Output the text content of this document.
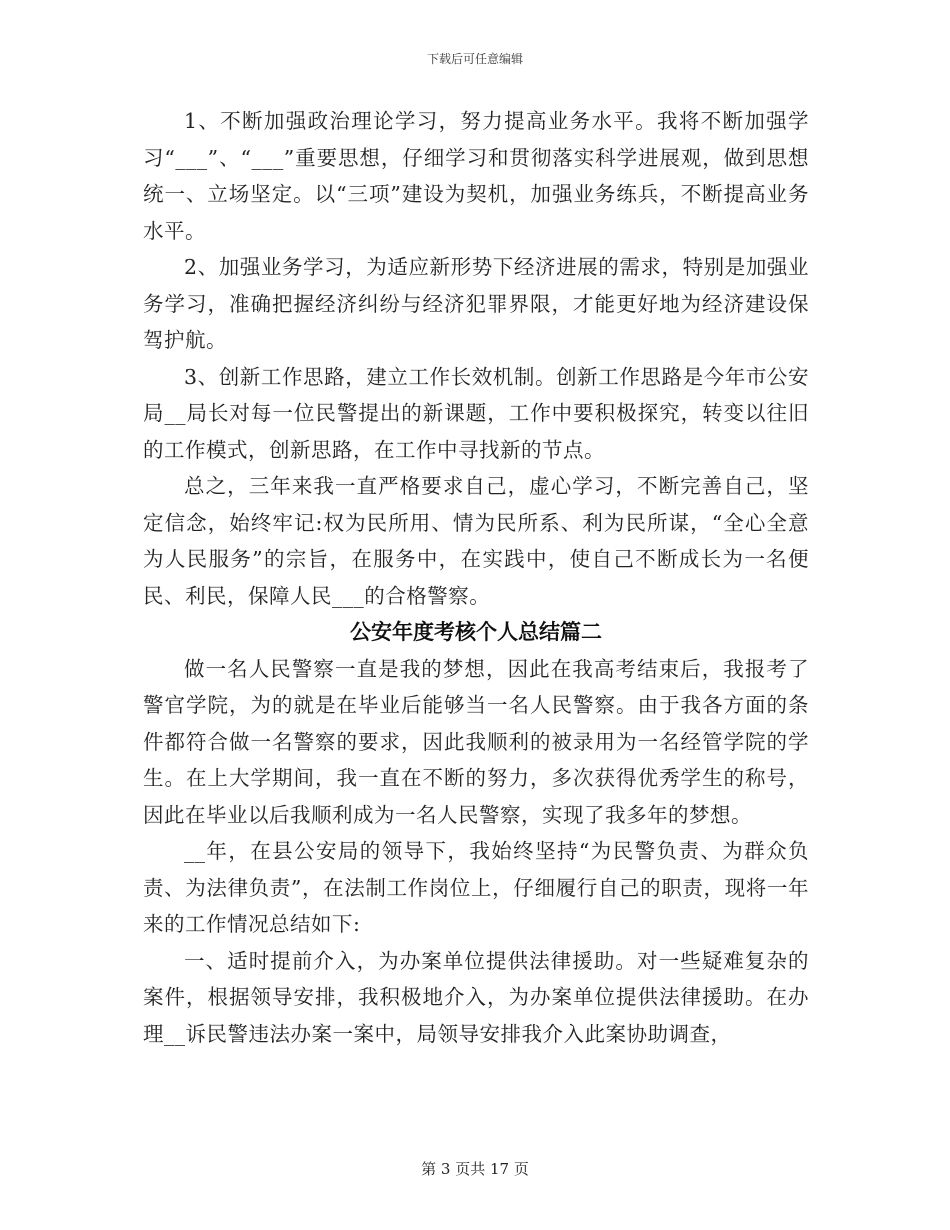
下载后可任意编辑

1、不断加强政治理论学习，努力提高业务水平。我将不断加强学习“___”、“___”重要思想，仔细学习和贯彻落实科学进展观，做到思想统一、立场坚定。以“三项”建设为契机，加强业务练兵，不断提高业务水平。

2、加强业务学习，为适应新形势下经济进展的需求，特别是加强业务学习，准确把握经济纠纷与经济犯罪界限，才能更好地为经济建设保驾护航。

3、创新工作思路，建立工作长效机制。创新工作思路是今年市公安局__局长对每一位民警提出的新课题，工作中要积极探究，转变以往旧的工作模式，创新思路，在工作中寻找新的节点。

总之，三年来我一直严格要求自己，虚心学习，不断完善自己，坚定信念，始终牢记:权为民所用、情为民所系、利为民所谋，“全心全意为人民服务”的宗旨，在服务中，在实践中，使自己不断成长为一名便民、利民，保障人民___的合格警察。

公安年度考核个人总结篇二

做一名人民警察一直是我的梦想，因此在我高考结束后，我报考了警官学院，为的就是在毕业后能够当一名人民警察。由于我各方面的条件都符合做一名警察的要求，因此我顺利的被录用为一名经管学院的学生。在上大学期间，我一直在不断的努力，多次获得优秀学生的称号，因此在毕业以后我顺利成为一名人民警察，实现了我多年的梦想。

__年，在县公安局的领导下，我始终坚持“为民警负责、为群众负责、为法律负责”，在法制工作岗位上，仔细履行自己的职责，现将一年来的工作情况总结如下:

一、适时提前介入，为办案单位提供法律援助。对一些疑难复杂的案件，根据领导安排，我积极地介入，为办案单位提供法律援助。在办理__诉民警违法办案一案中，局领导安排我介入此案协助调查，

第 3 页共 17 页
